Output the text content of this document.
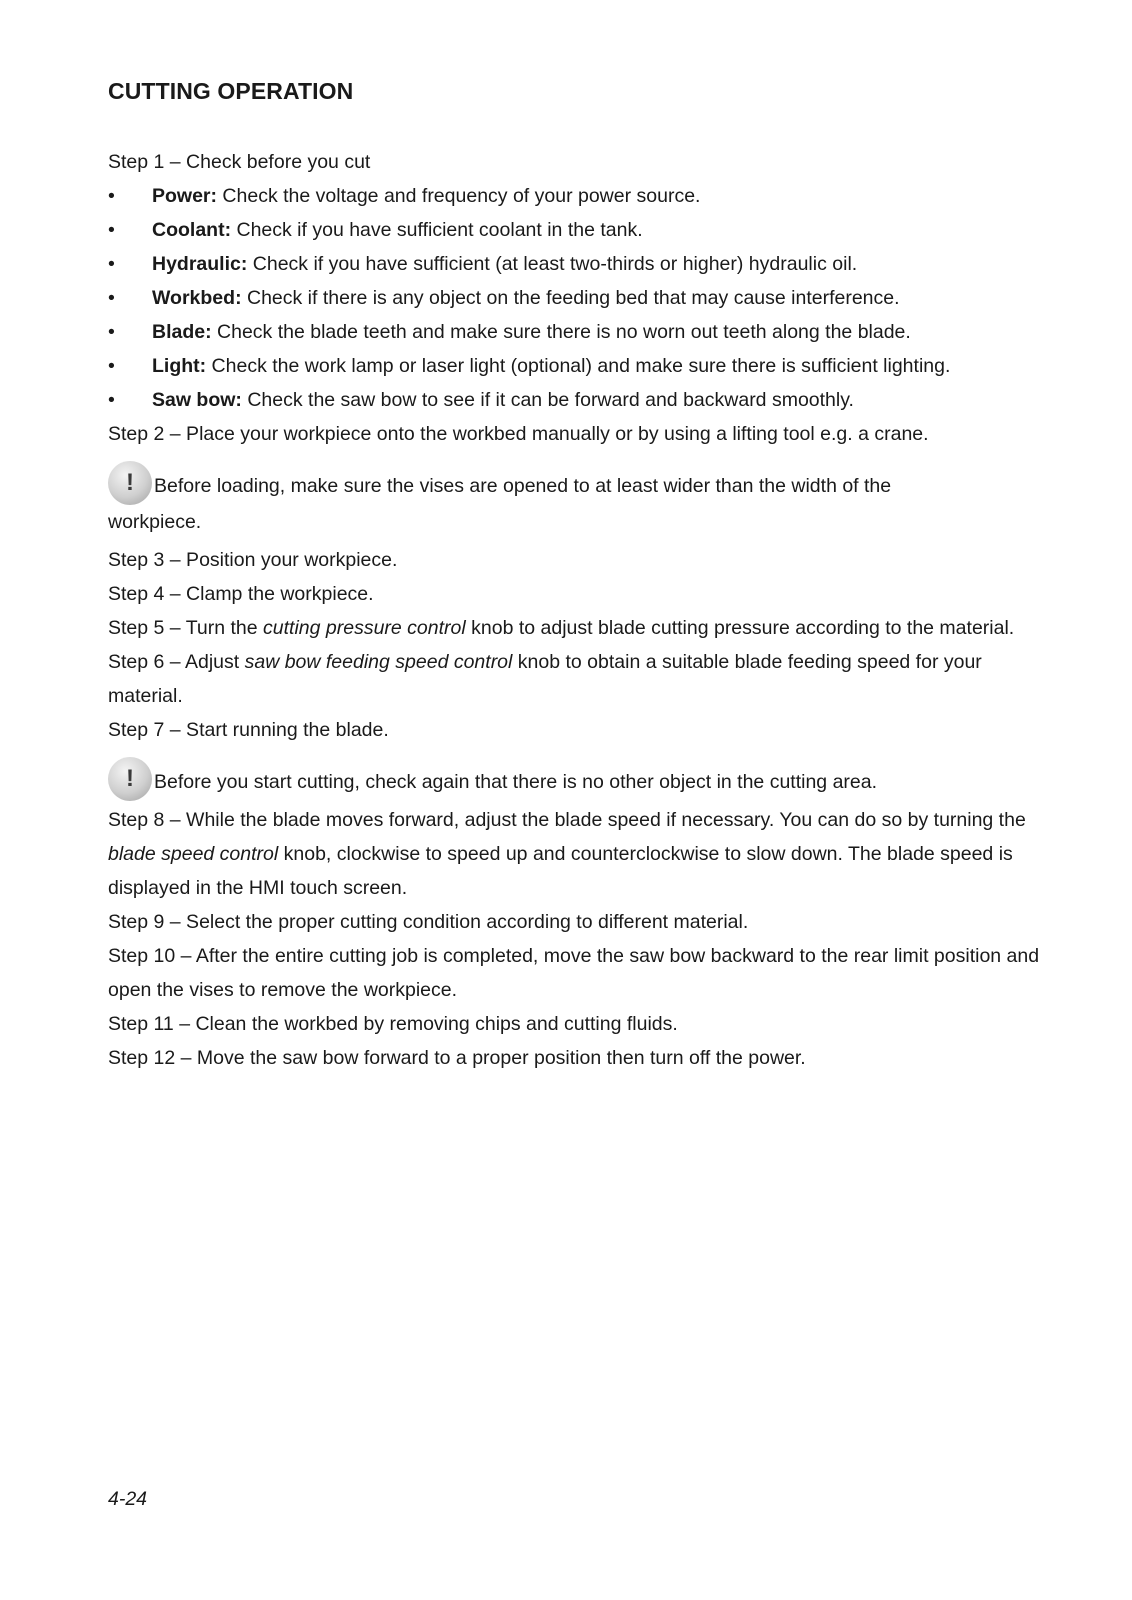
CUTTING OPERATION
Step 1 – Check before you cut
•	Power: Check the voltage and frequency of your power source.
•	Coolant: Check if you have sufficient coolant in the tank.
•	Hydraulic: Check if you have sufficient (at least two-thirds or higher) hydraulic oil.
•	Workbed: Check if there is any object on the feeding bed that may cause interference.
•	Blade: Check the blade teeth and make sure there is no worn out teeth along the blade.
•	Light: Check the work lamp or laser light (optional) and make sure there is sufficient lighting.
•	Saw bow: Check the saw bow to see if it can be forward and backward smoothly.
Step 2 – Place your workpiece onto the workbed manually or by using a lifting tool e.g. a crane.
!	Before loading, make sure the vises are opened to at least wider than the width of the
workpiece.
Step 3 – Position your workpiece.
Step 4 – Clamp the workpiece.
Step 5 – Turn the cutting pressure control knob to adjust blade cutting pressure according to the material.
Step 6 – Adjust saw bow feeding speed control knob to obtain a suitable blade feeding speed for your material.
Step 7 – Start running the blade.
!	Before you start cutting, check again that there is no other object in the cutting area.
Step 8 – While the blade moves forward, adjust the blade speed if necessary. You can do so by turning the blade speed control knob, clockwise to speed up and counterclockwise to slow down. The blade speed is displayed in the HMI touch screen.
Step 9 – Select the proper cutting condition according to different material.
Step 10 – After the entire cutting job is completed, move the saw bow backward to the rear limit position and open the vises to remove the workpiece.
Step 11 – Clean the workbed by removing chips and cutting fluids.
Step 12 – Move the saw bow forward to a proper position then turn off the power.
4-24
